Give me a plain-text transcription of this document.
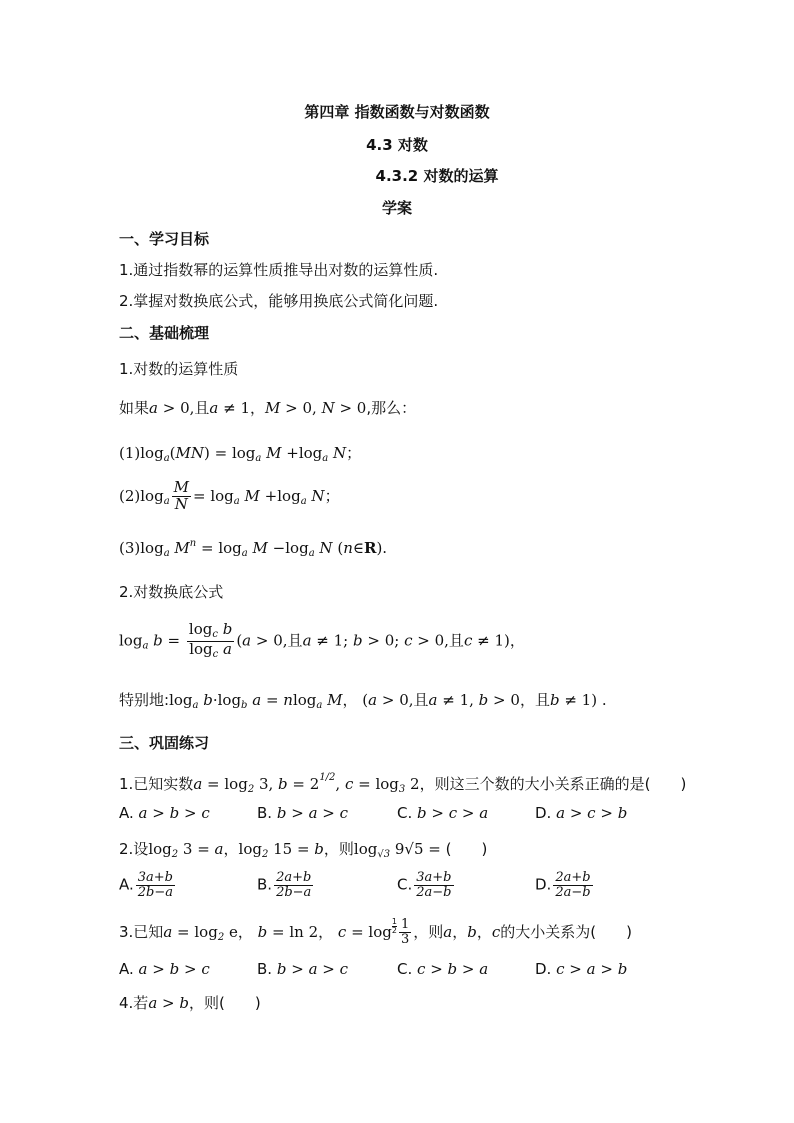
第四章 指数函数与对数函数
4.3 对数
4.3.2 对数的运算
学案
一、学习目标
1.通过指数幂的运算性质推导出对数的运算性质.
2.掌握对数换底公式，能够用换底公式简化问题.
二、基础梳理
1.对数的运算性质
如果a > 0,且a ≠ 1，M > 0, N > 0,那么：
$(1)\log_a(MN) = \log_a M +\log_a$ N；
$(2)\log_a \frac{M}{N} = \log_a M +\log_a$ N；
$(3)\log_a$ $M^n = \log_a M -\log_a$ N (n∈R).
2.对数换底公式
$\log_a b = \frac{\log_c b}{\log_c a} (a > 0$,且a ≠ 1; b > 0; c > 0,且c ≠ 1)，
特别地$:\log_a$ $b\cdot\log_b$ a = nlog$_a$ M， (a > 0,且a ≠ 1, b > 0，且b ≠ 1) .
三、巩固练习
1.已知实数$a = \log_2 3$, $b = 2^{1/2}$, $c = \log_3 2$，则这三个数的大小关系正确的是(　　)
A. a > b > c	B. b > a > c	C. b > c > a	D. a > c > b
2.设$\log_2 3 = a$，$\log_2 15 = b$，则$\log_{√3} 9√5$ = (　　)
A. $\frac{3a+b}{2b-a}$	B. $\frac{2a+b}{2b-a}$	C. $\frac{3a+b}{2a-b}$	D. $\frac{2a+b}{2a-b}$
3.已知$a = \log_2 e$， b = ln 2， $c = \log \frac{1}{2} \frac{1}{3}$ ，则a，b，c的大小关系为(　　)
A. a > b > c	B. b > a > c	C. c > b > a	D. c > a > b
4.若a > b，则(　　)
